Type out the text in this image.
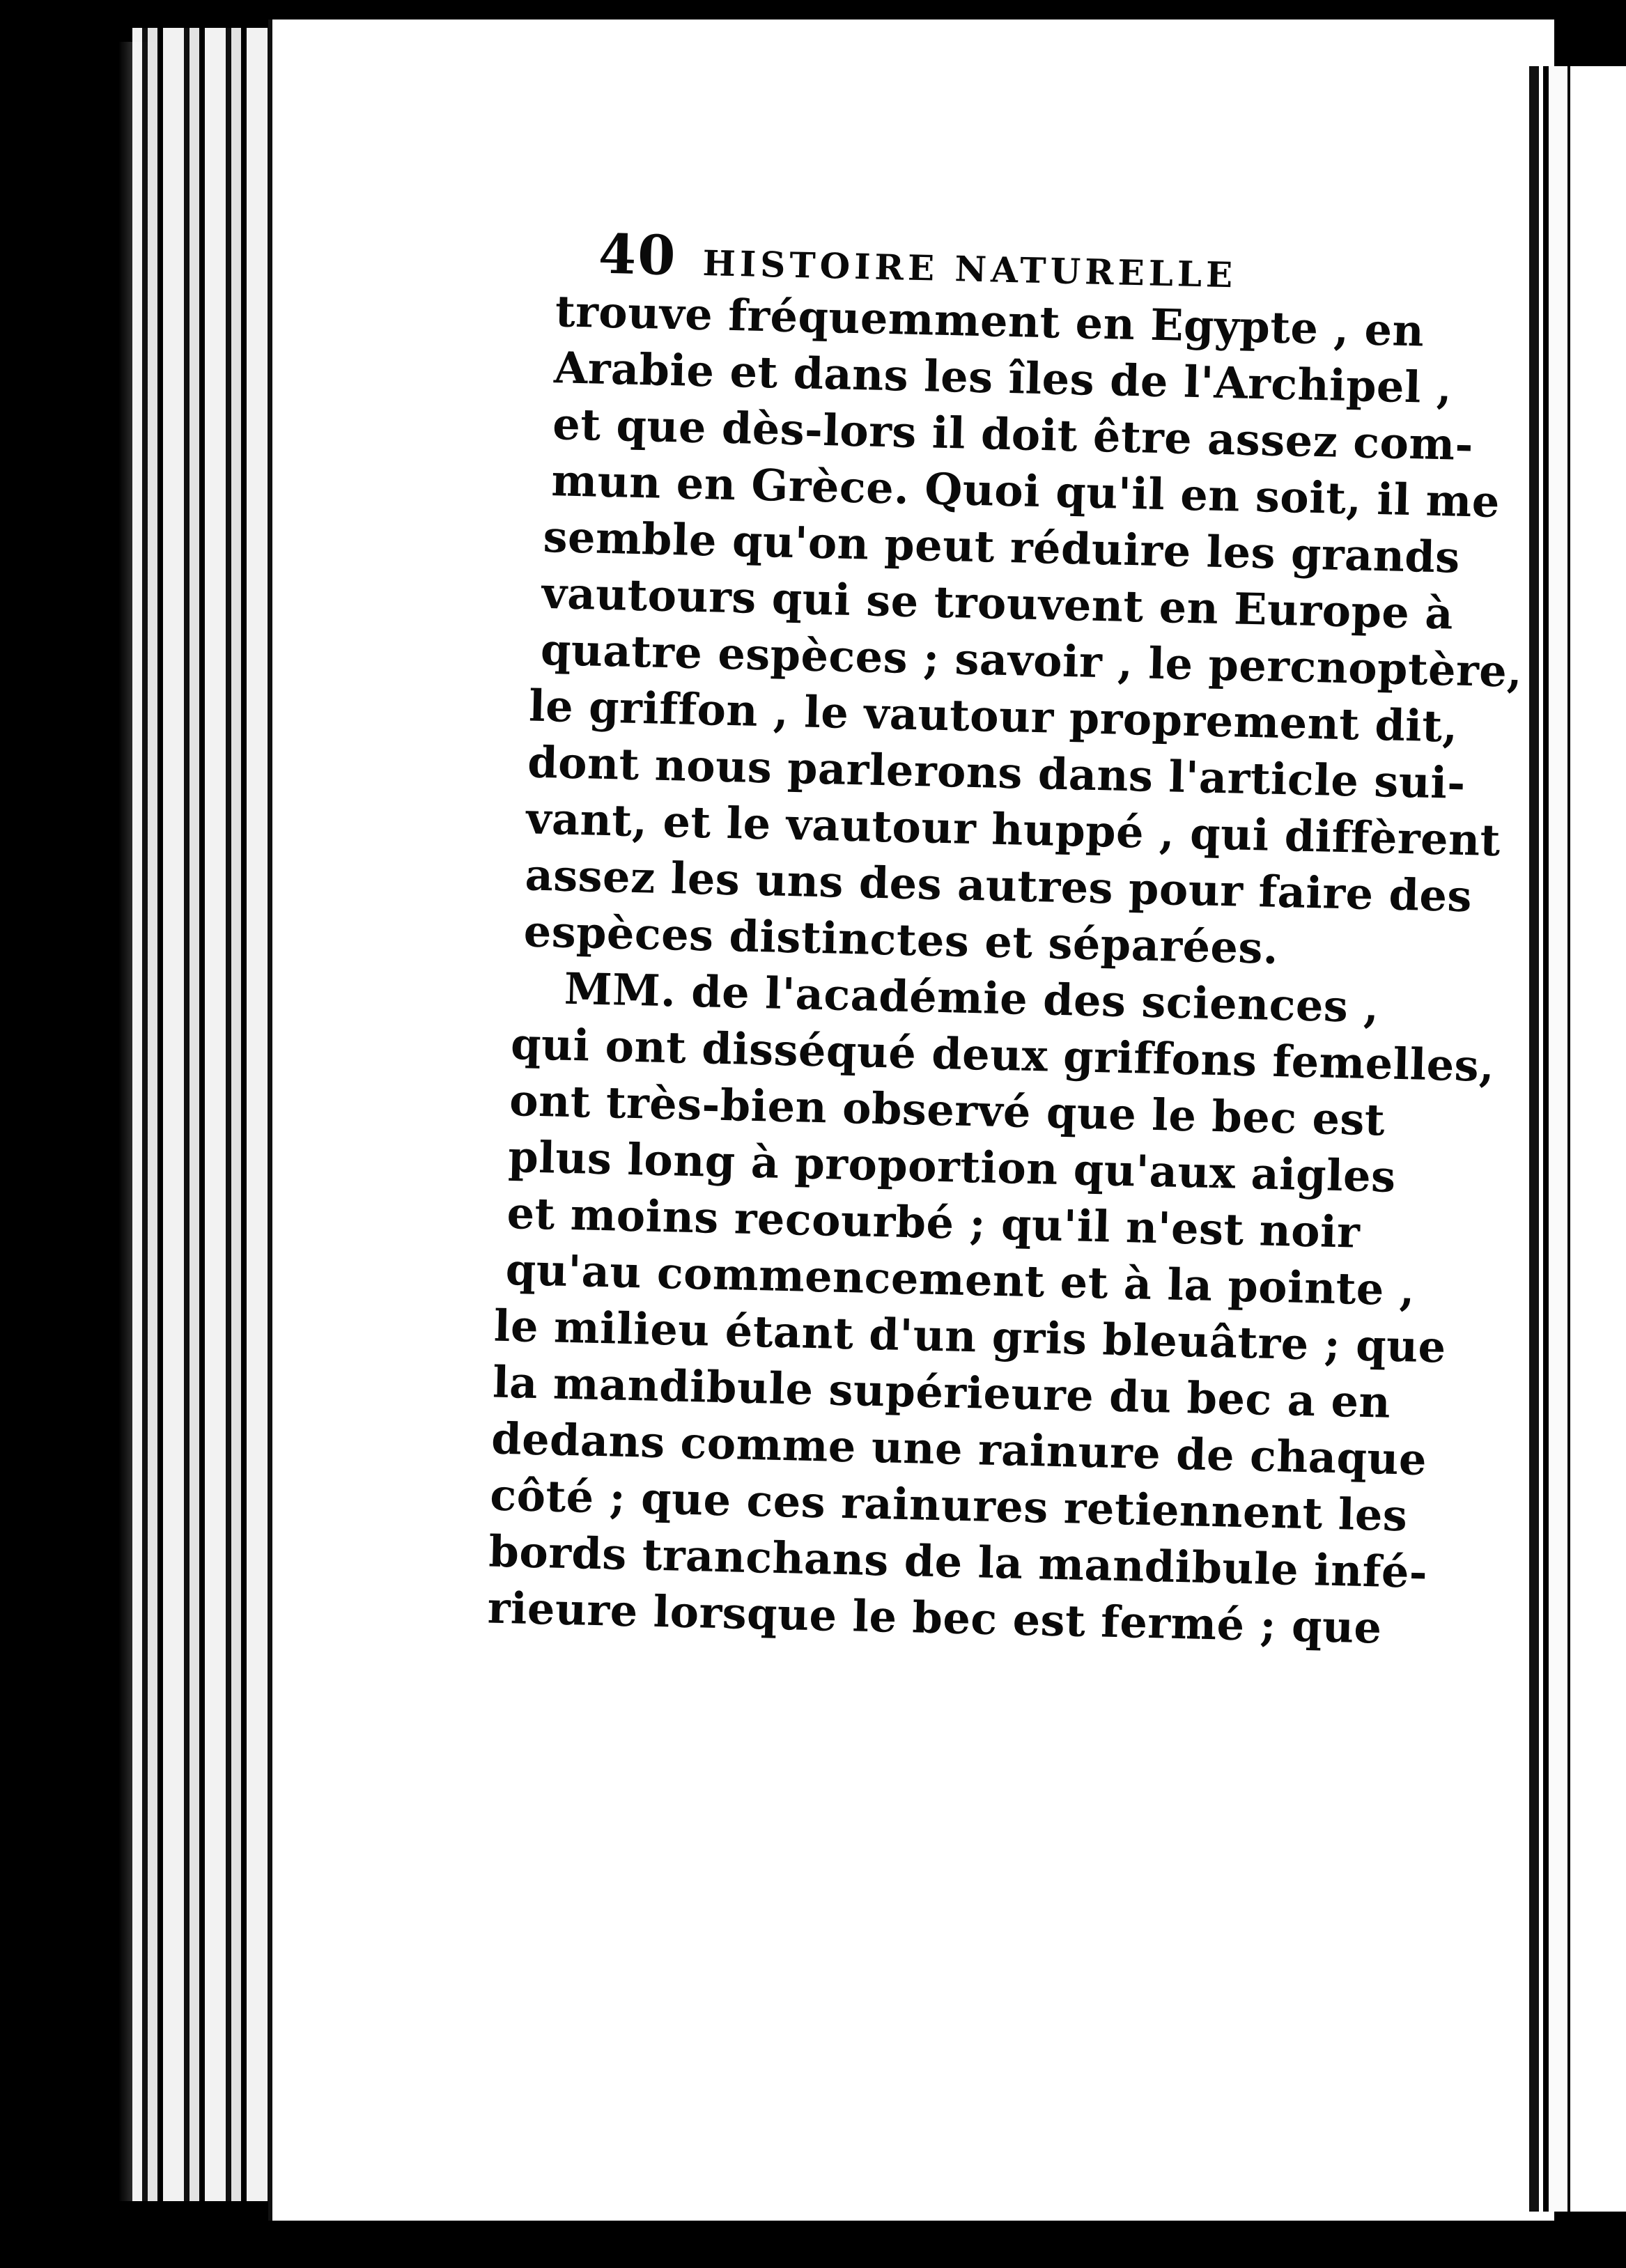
40 HISTOIRE NATURELLE
trouve fréquemment en Egypte , en
Arabie et dans les îles de l'Archipel ,
et que dès-lors il doit être assez com-
mun en Grèce. Quoi qu'il en soit, il me
semble qu'on peut réduire les grands
vautours qui se trouvent en Europe à
quatre espèces ; savoir , le percnoptère,
le griffon , le vautour proprement dit,
dont nous parlerons dans l'article sui-
vant, et le vautour huppé , qui diffèrent
assez les uns des autres pour faire des
espèces distinctes et séparées.
MM. de l'académie des sciences ,
qui ont disséqué deux griffons femelles,
ont très-bien observé que le bec est
plus long à proportion qu'aux aigles
et moins recourbé ; qu'il n'est noir
qu'au commencement et à la pointe ,
le milieu étant d'un gris bleuâtre ; que
la mandibule supérieure du bec a en
dedans comme une rainure de chaque
côté ; que ces rainures retiennent les
bords tranchans de la mandibule infé-
rieure lorsque le bec est fermé ; que
